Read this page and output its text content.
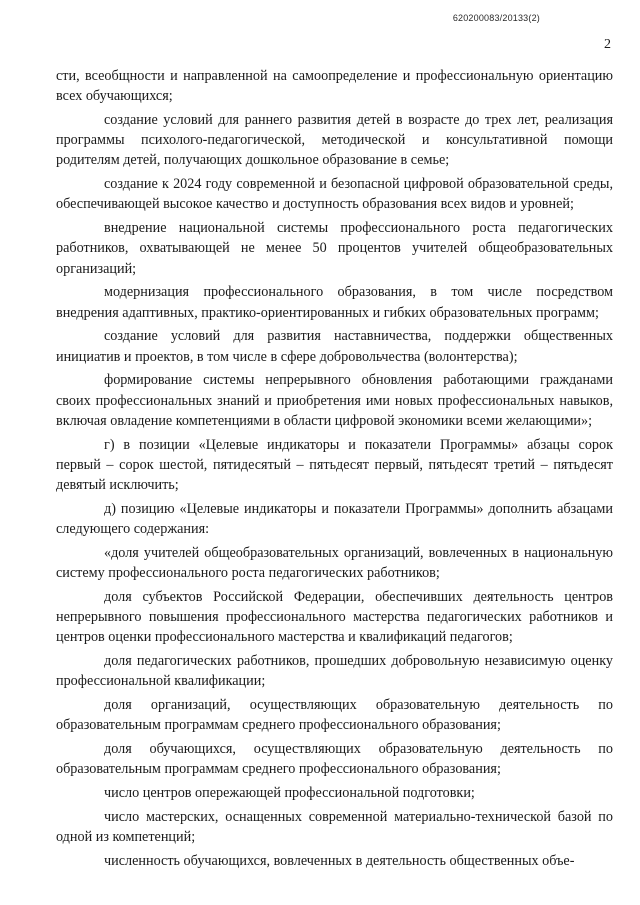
620200083/20133(2)
2

сти, всеобщности и направленной на самоопределение и профессиональную ориентацию всех обучающихся;

создание условий для раннего развития детей в возрасте до трех лет, реализация программы психолого-педагогической, методической и консультативной помощи родителям детей, получающих дошкольное образование в семье;

создание к 2024 году современной и безопасной цифровой образовательной среды, обеспечивающей высокое качество и доступность образования всех видов и уровней;

внедрение национальной системы профессионального роста педагогических работников, охватывающей не менее 50 процентов учителей общеобразовательных организаций;

модернизация профессионального образования, в том числе посредством внедрения адаптивных, практико-ориентированных и гибких образовательных программ;

создание условий для развития наставничества, поддержки общественных инициатив и проектов, в том числе в сфере добровольчества (волонтерства);

формирование системы непрерывного обновления работающими гражданами своих профессиональных знаний и приобретения ими новых профессиональных навыков, включая овладение компетенциями в области цифровой экономики всеми желающими»;

г) в позиции «Целевые индикаторы и показатели Программы» абзацы сорок первый – сорок шестой, пятидесятый – пятьдесят первый, пятьдесят третий – пятьдесят девятый исключить;

д) позицию «Целевые индикаторы и показатели Программы» дополнить абзацами следующего содержания:

«доля учителей общеобразовательных организаций, вовлеченных в национальную систему профессионального роста педагогических работников;

доля субъектов Российской Федерации, обеспечивших деятельность центров непрерывного повышения профессионального мастерства педагогических работников и центров оценки профессионального мастерства и квалификаций педагогов;

доля педагогических работников, прошедших добровольную независимую оценку профессиональной квалификации;

доля организаций, осуществляющих образовательную деятельность по образовательным программам среднего профессионального образования;

доля обучающихся, осуществляющих образовательную деятельность по образовательным программам среднего профессионального образования;

число центров опережающей профессиональной подготовки;

число мастерских, оснащенных современной материально-технической базой по одной из компетенций;

численность обучающихся, вовлеченных в деятельность общественных объе-
